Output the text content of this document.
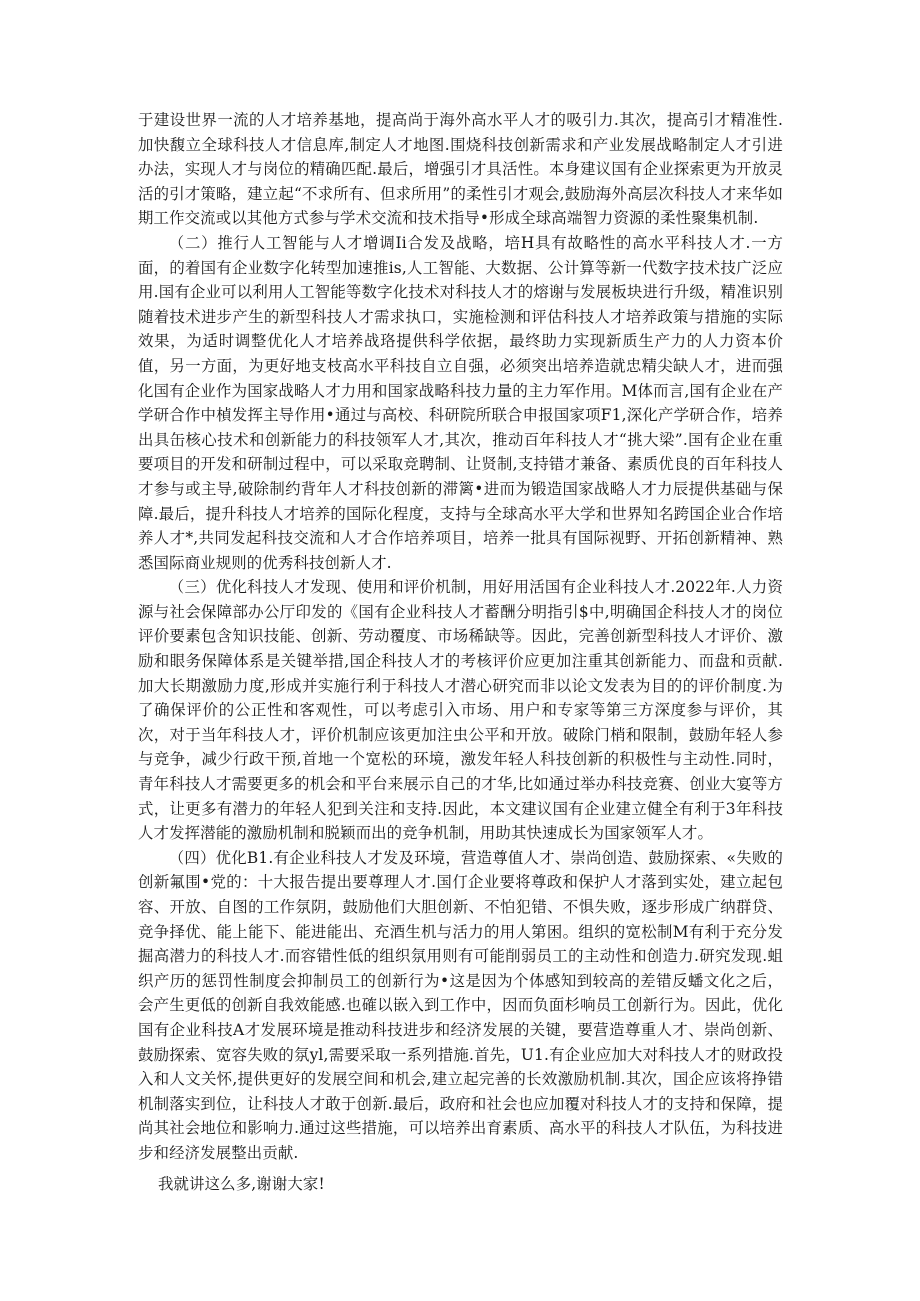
于建设世界一流的人才培养基地，提高尚于海外高水平人才的吸引力.其次，提高引才精准性.加快馥立全球科技人才信息库,制定人才地图.围烧科技创新需求和产业发展战略制定人才引进办法，实现人才与岗位的精确匹配.最后，增强引才具活性。本身建议国有企业探索更为开放灵活的引才策略，建立起“不求所有、但求所用”的柔性引才观会,鼓励海外高层次科技人才来华如期工作交流或以其他方式参与学术交流和技术指导•形成全球高端智力资源的柔性聚集机制.

（二）推行人工智能与人才增调Ii合发及战略，培H具有故略性的高水平科技人才.一方面，的着国有企业数字化转型加速推is,人工智能、大数据、公计算等新一代数字技术技广泛应用.国有企业可以利用人工智能等数字化技术对科技人才的熔谢与发展板块进行升级，精准识别随着技术进步产生的新型科技人才需求执口，实施检测和评估科技人才培养政策与措施的实际效果，为适时调整优化人才培养战珞提供科学依据，最终助力实现新质生产力的人力资本价值，另一方面，为更好地支枝高水平科技自立自强，必须突出培养造就忠精尖缺人才，进而强化国有企业作为国家战略人才力用和国家战略科技力量的主力军作用。M体而言,国有企业在产学研合作中楨发挥主导作用•通过与高校、科研院所联合申报国家项F1,深化产学研合作，培养出具缶核心技术和创新能力的科技领军人才,其次，推动百年科技人才“挑大梁”.国有企业在重要项目的开发和研制过程中，可以采取竞聘制、让贤制,支持错才兼备、素质优良的百年科技人才参与或主导,破除制约背年人才科技创新的滞篱•进而为锻造国家战略人才力辰提供基础与保障.最后，提升科技人才培养的国际化程度，支持与全球高水平大学和世界知名跨国企业合作培养人才*,共同发起科技交流和人才合作培养项目，培养一批具有国际视野、开拓创新精神、熟悉国际商业规则的优秀科技创新人才.

（三）优化科技人才发现、使用和评价机制，用好用活国有企业科技人才.2022年.人力资源与社会保障部办公厅印发的《国有企业科技人才蓄酬分明指引$中,明确国企科技人才的岗位评价要素包含知识技能、创新、劳动覆度、市场稀缺等。因此，完善创新型科技人才评价、激励和眼务保障体系是关键举措,国企科技人才的考核评价应更加注重其创新能力、而盘和贡献.加大长期激励力度,形成并实施行利于科技人才潜心研究而非以论文发表为目的的评价制度.为了确保评价的公正性和客观性，可以考虑引入市场、用户和专家等第三方深度参与评价，其次，对于当年科技人才，评价机制应该更加注虫公平和开放。破除门梢和限制，鼓励年轻人参与竞争，减少行政干预,首地一个宽松的环境，激发年轻人科技创新的积极性与主动性.同时，青年科技人才需要更多的机会和平台来展示自己的才华,比如通过举办科技竞赛、创业大宴等方式，让更多有潜力的年轻人犯到关注和支持.因此，本文建议国有企业建立健全有利于3年科技人才发挥潜能的激励机制和脱颖而出的竞争机制，用助其快速成长为国家领军人才。

（四）优化B1.有企业科技人才发及环境，营造尊值人才、崇尚创造、鼓励探索、«失败的创新氟围•党的：十大报告提出要尊理人才.国仃企业要将尊政和保护人才落到实处，建立起包容、开放、自图的工作氛阴，鼓励他们大胆创新、不怕犯错、不惧失败，逐步形成广纳群贷、竞争择优、能上能下、能进能出、充酒生机与活力的用人第困。组织的宽松制M有利于充分发掘高潜力的科技人才.而容错性低的组织氛用则有可能削弱员工的主动性和创造力.研究发现.蛆织产历的惩罚性制度会抑制员工的创新行为•这是因为个体感知到较高的差错反蟠文化之后，会产生更低的创新自我效能感.也確以嵌入到工作中，因而负面杉响员工创新行为。因此，优化国有企业科技A才发展环境是推动科技进步和经济发展的关键，要营造尊重人才、崇尚创新、鼓励探索、宽容失败的氛yl,需要采取一系列措施.首先，U1.有企业应加大对科技人才的财政投入和人文关怀,提供更好的发展空间和机会,建立起完善的长效激励机制.其次，国企应该将挣错机制落实到位，让科技人才敢于创新.最后，政府和社会也应加覆对科技人才的支持和保障，提尚其社会地位和影响力.通过这些措施，可以培养出育素质、高水平的科技人才队伍，为科技进步和经济发展整出贡献.

我就讲这么多,谢谢大家!
